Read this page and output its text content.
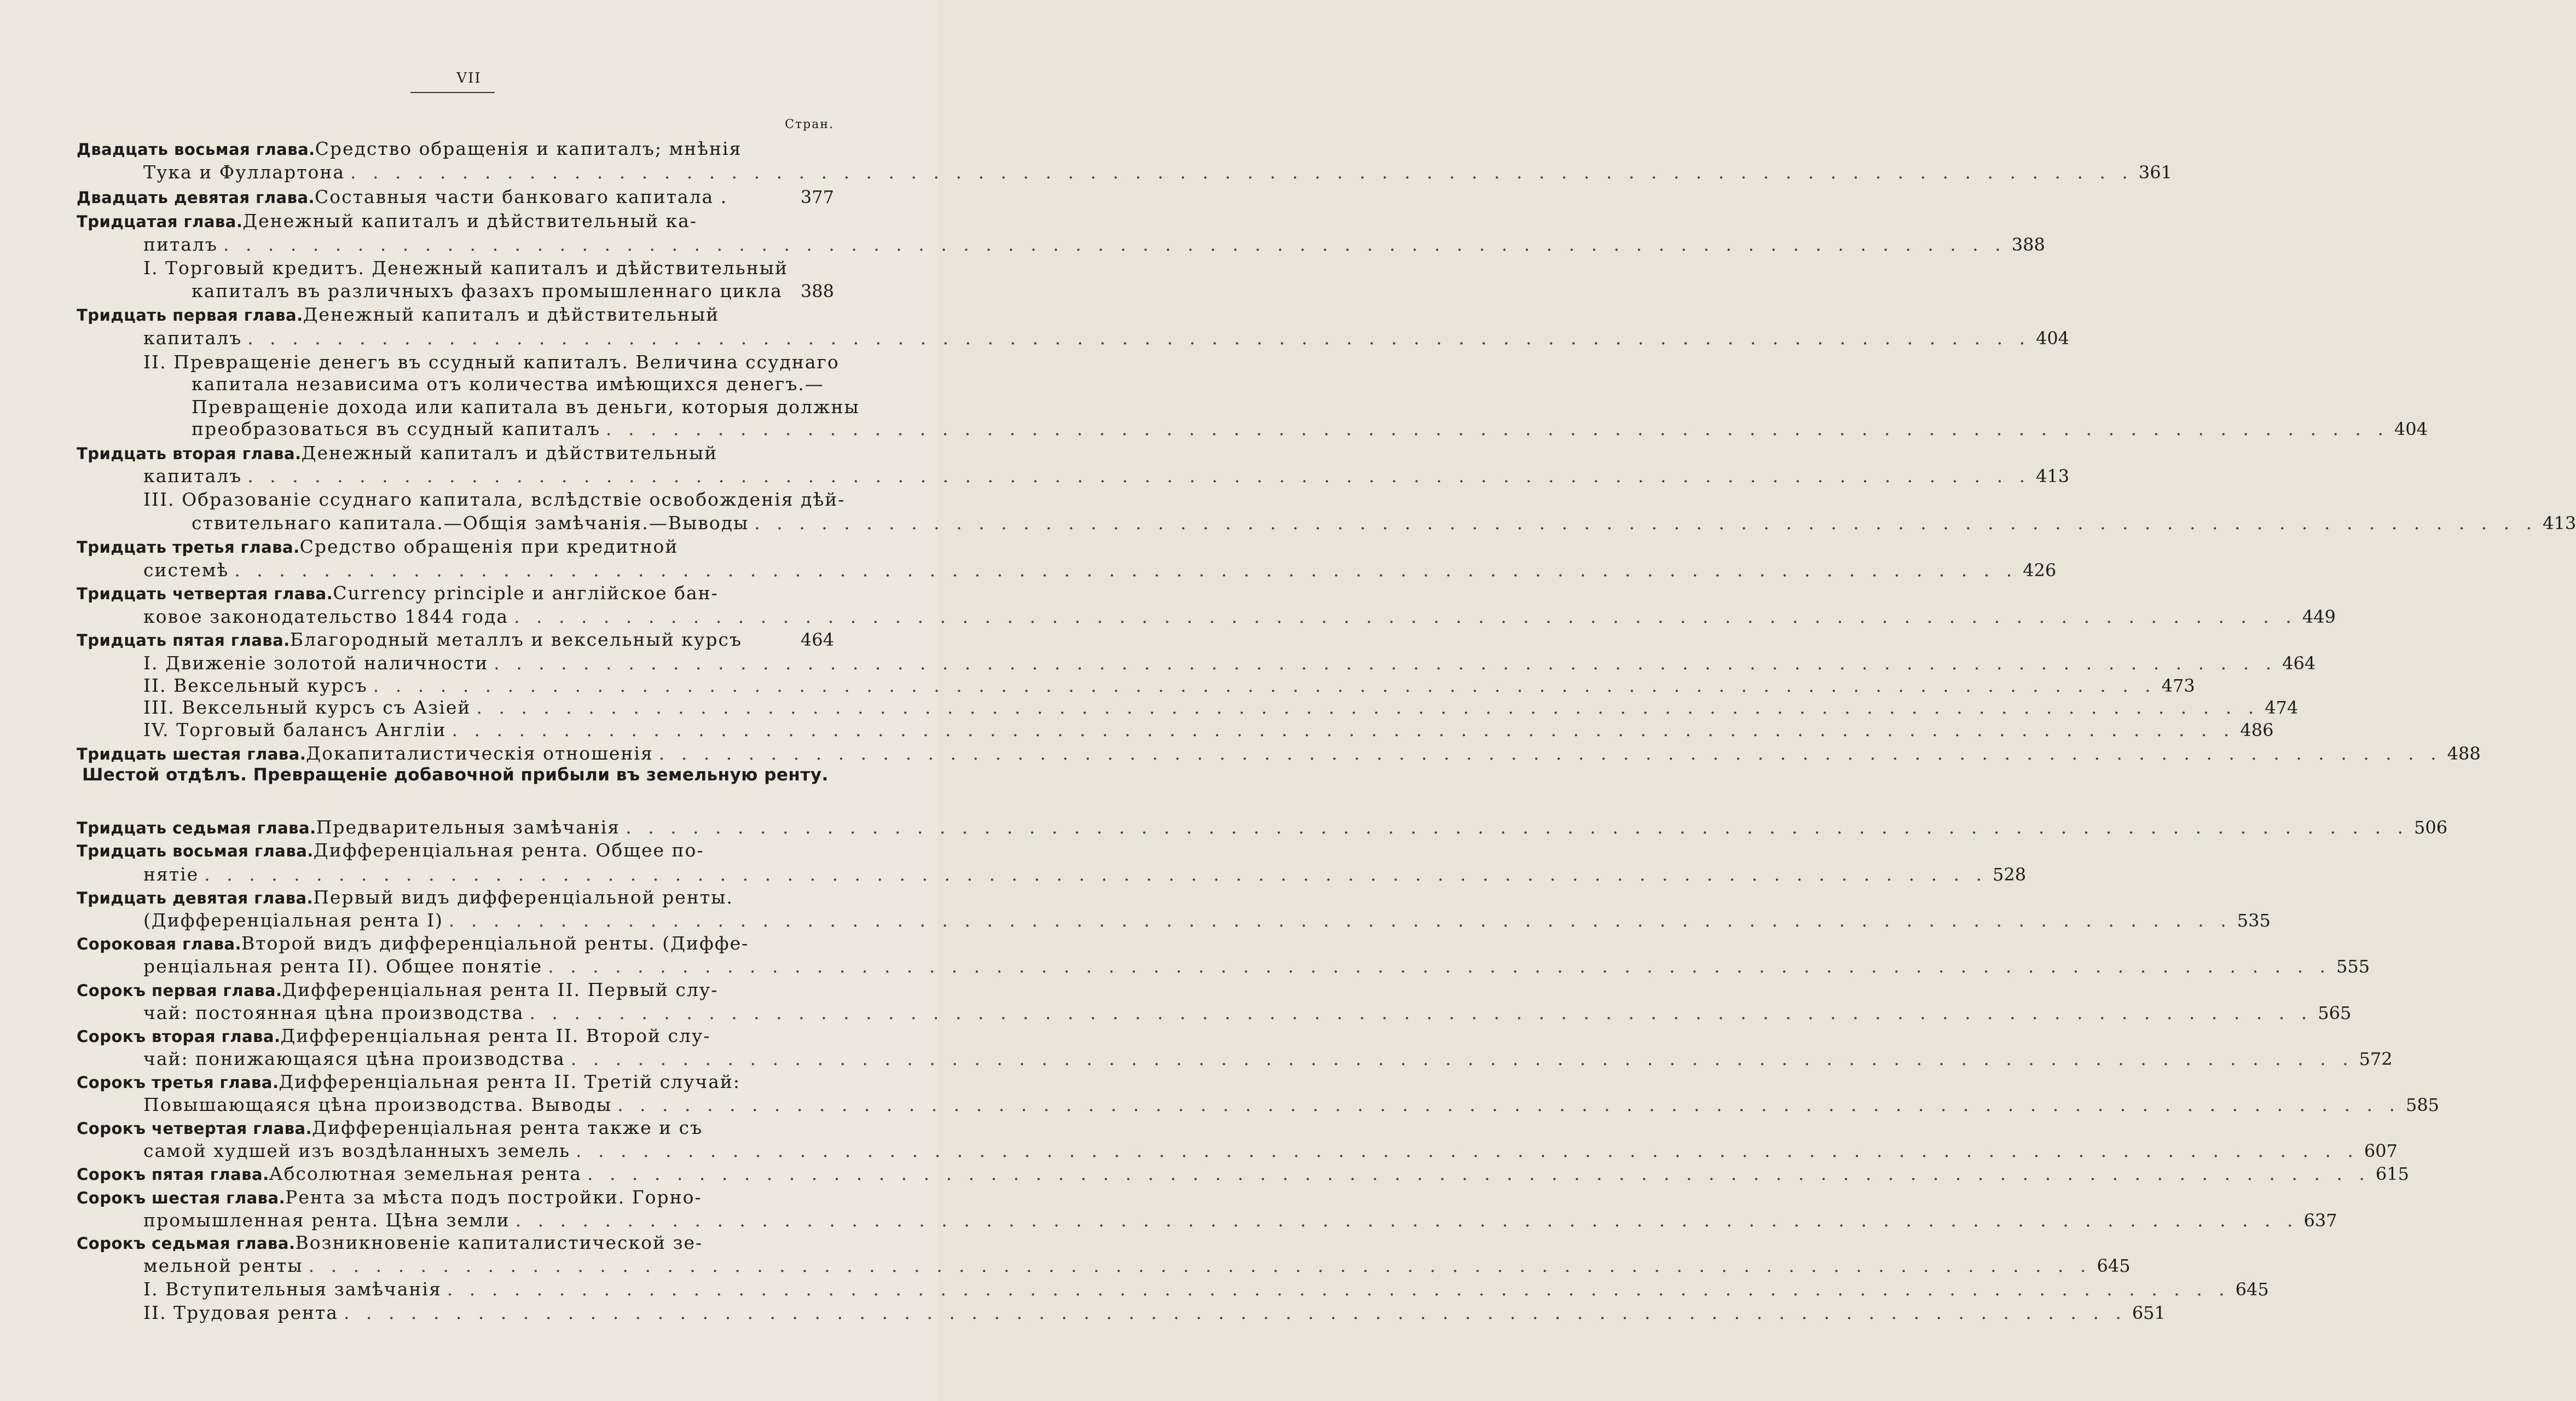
VII
Стран.
Двадцать восьмая глава. Средство обращенія и капиталъ; мнѣнія
Тука и Фуллартона . . . . . . . . . . . . . . . . . . . . . . . . . . . . . . . . . . . . . . . . . . . . . . . . . . . . . . . . . . . . . . . . . . . . . . . . . . . . . . . . 361
Двадцать девятая глава. Составныя части банковаго капитала .	377
Тридцатая глава. Денежный капиталъ и дѣйствительный ка-
питалъ . . . . . . . . . . . . . . . . . . . . . . . . . . . . . . . . . . . . . . . . . . . . . . . . . . . . . . . . . . . . . . . . . . . . . . . . . . . . . . . . 388
I. Торговый кредитъ. Денежный капиталъ и дѣйствительный
капиталъ въ различныхъ фазахъ промышленнаго цикла	388
Тридцать первая глава. Денежный капиталъ и дѣйствительный
капиталъ . . . . . . . . . . . . . . . . . . . . . . . . . . . . . . . . . . . . . . . . . . . . . . . . . . . . . . . . . . . . . . . . . . . . . . . . . . . . . . . . 404
II. Превращеніе денегъ въ ссудный капиталъ. Величина ссуднаго
капитала независима отъ количества имѣющихся денегъ.—
Превращеніе дохода или капитала въ деньги, которыя должны
преобразоваться въ ссудный капиталъ . . . . . . . . . . . . . . . . . . . . . . . . . . . . . . . . . . . . . . . . . . . . . . . . . . . . . . . . . . . . . . . . . . . . . . . . . . . . . . . . 404
Тридцать вторая глава. Денежный капиталъ и дѣйствительный
капиталъ . . . . . . . . . . . . . . . . . . . . . . . . . . . . . . . . . . . . . . . . . . . . . . . . . . . . . . . . . . . . . . . . . . . . . . . . . . . . . . . . 413
III. Образованіе ссуднаго капитала, вслѣдствіе освобожденія дѣй-
ствительнаго капитала.—Общія замѣчанія.—Выводы . . . . . . . . . . . . . . . . . . . . . . . . . . . . . . . . . . . . . . . . . . . . . . . . . . . . . . . . . . . . . . . . . . . . . . . . . . . . . . . . 413
Тридцать третья глава. Средство обращенія при кредитной
системѣ . . . . . . . . . . . . . . . . . . . . . . . . . . . . . . . . . . . . . . . . . . . . . . . . . . . . . . . . . . . . . . . . . . . . . . . . . . . . . . . . 426
Тридцать четвертая глава. Currency principle и англійское бан-
ковое законодательство 1844 года . . . . . . . . . . . . . . . . . . . . . . . . . . . . . . . . . . . . . . . . . . . . . . . . . . . . . . . . . . . . . . . . . . . . . . . . . . . . . . . . 449
Тридцать пятая глава. Благородный металлъ и вексельный курсъ	464
I. Движеніе золотой наличности . . . . . . . . . . . . . . . . . . . . . . . . . . . . . . . . . . . . . . . . . . . . . . . . . . . . . . . . . . . . . . . . . . . . . . . . . . . . . . . . 464
II. Вексельный курсъ . . . . . . . . . . . . . . . . . . . . . . . . . . . . . . . . . . . . . . . . . . . . . . . . . . . . . . . . . . . . . . . . . . . . . . . . . . . . . . . . 473
III. Вексельный курсъ съ Азіей . . . . . . . . . . . . . . . . . . . . . . . . . . . . . . . . . . . . . . . . . . . . . . . . . . . . . . . . . . . . . . . . . . . . . . . . . . . . . . . . 474
IV. Торговый балансъ Англіи . . . . . . . . . . . . . . . . . . . . . . . . . . . . . . . . . . . . . . . . . . . . . . . . . . . . . . . . . . . . . . . . . . . . . . . . . . . . . . . . 486
Тридцать шестая глава. Докапиталистическія отношенія . . . . . . . . . . . . . . . . . . . . . . . . . . . . . . . . . . . . . . . . . . . . . . . . . . . . . . . . . . . . . . . . . . . . . . . . . . . . . . . . 488
Тридцать седьмая глава. Предварительныя замѣчанія . . . . . . . . . . . . . . . . . . . . . . . . . . . . . . . . . . . . . . . . . . . . . . . . . . . . . . . . . . . . . . . . . . . . . . . . . . . . . . . . 506
Тридцать восьмая глава. Дифференціальная рента. Общее по-
нятіе . . . . . . . . . . . . . . . . . . . . . . . . . . . . . . . . . . . . . . . . . . . . . . . . . . . . . . . . . . . . . . . . . . . . . . . . . . . . . . . . 528
Тридцать девятая глава. Первый видъ дифференціальной ренты.
(Дифференціальная рента I) . . . . . . . . . . . . . . . . . . . . . . . . . . . . . . . . . . . . . . . . . . . . . . . . . . . . . . . . . . . . . . . . . . . . . . . . . . . . . . . . 535
Сороковая глава. Второй видъ дифференціальной ренты. (Диффе-
ренціальная рента II). Общее понятіе . . . . . . . . . . . . . . . . . . . . . . . . . . . . . . . . . . . . . . . . . . . . . . . . . . . . . . . . . . . . . . . . . . . . . . . . . . . . . . . . 555
Сорокъ первая глава. Дифференціальная рента II. Первый слу-
чай: постоянная цѣна производства . . . . . . . . . . . . . . . . . . . . . . . . . . . . . . . . . . . . . . . . . . . . . . . . . . . . . . . . . . . . . . . . . . . . . . . . . . . . . . . . 565
Сорокъ вторая глава. Дифференціальная рента II. Второй слу-
чай: понижающаяся цѣна производства . . . . . . . . . . . . . . . . . . . . . . . . . . . . . . . . . . . . . . . . . . . . . . . . . . . . . . . . . . . . . . . . . . . . . . . . . . . . . . . . 572
Сорокъ третья глава. Дифференціальная рента II. Третій случай:
Повышающаяся цѣна производства. Выводы . . . . . . . . . . . . . . . . . . . . . . . . . . . . . . . . . . . . . . . . . . . . . . . . . . . . . . . . . . . . . . . . . . . . . . . . . . . . . . . . 585
Сорокъ четвертая глава. Дифференціальная рента также и съ
самой худшей изъ воздѣланныхъ земель . . . . . . . . . . . . . . . . . . . . . . . . . . . . . . . . . . . . . . . . . . . . . . . . . . . . . . . . . . . . . . . . . . . . . . . . . . . . . . . . 607
Сорокъ пятая глава. Абсолютная земельная рента . . . . . . . . . . . . . . . . . . . . . . . . . . . . . . . . . . . . . . . . . . . . . . . . . . . . . . . . . . . . . . . . . . . . . . . . . . . . . . . . 615
Сорокъ шестая глава. Рента за мѣста подъ постройки. Горно-
промышленная рента. Цѣна земли . . . . . . . . . . . . . . . . . . . . . . . . . . . . . . . . . . . . . . . . . . . . . . . . . . . . . . . . . . . . . . . . . . . . . . . . . . . . . . . . 637
Сорокъ седьмая глава. Возникновеніе капиталистической зе-
мельной ренты . . . . . . . . . . . . . . . . . . . . . . . . . . . . . . . . . . . . . . . . . . . . . . . . . . . . . . . . . . . . . . . . . . . . . . . . . . . . . . . . 645
I. Вступительныя замѣчанія . . . . . . . . . . . . . . . . . . . . . . . . . . . . . . . . . . . . . . . . . . . . . . . . . . . . . . . . . . . . . . . . . . . . . . . . . . . . . . . . 645
II. Трудовая рента . . . . . . . . . . . . . . . . . . . . . . . . . . . . . . . . . . . . . . . . . . . . . . . . . . . . . . . . . . . . . . . . . . . . . . . . . . . . . . . . 651
Шестой отдѣлъ. Превращеніе добавочной прибыли въ земельную ренту.
